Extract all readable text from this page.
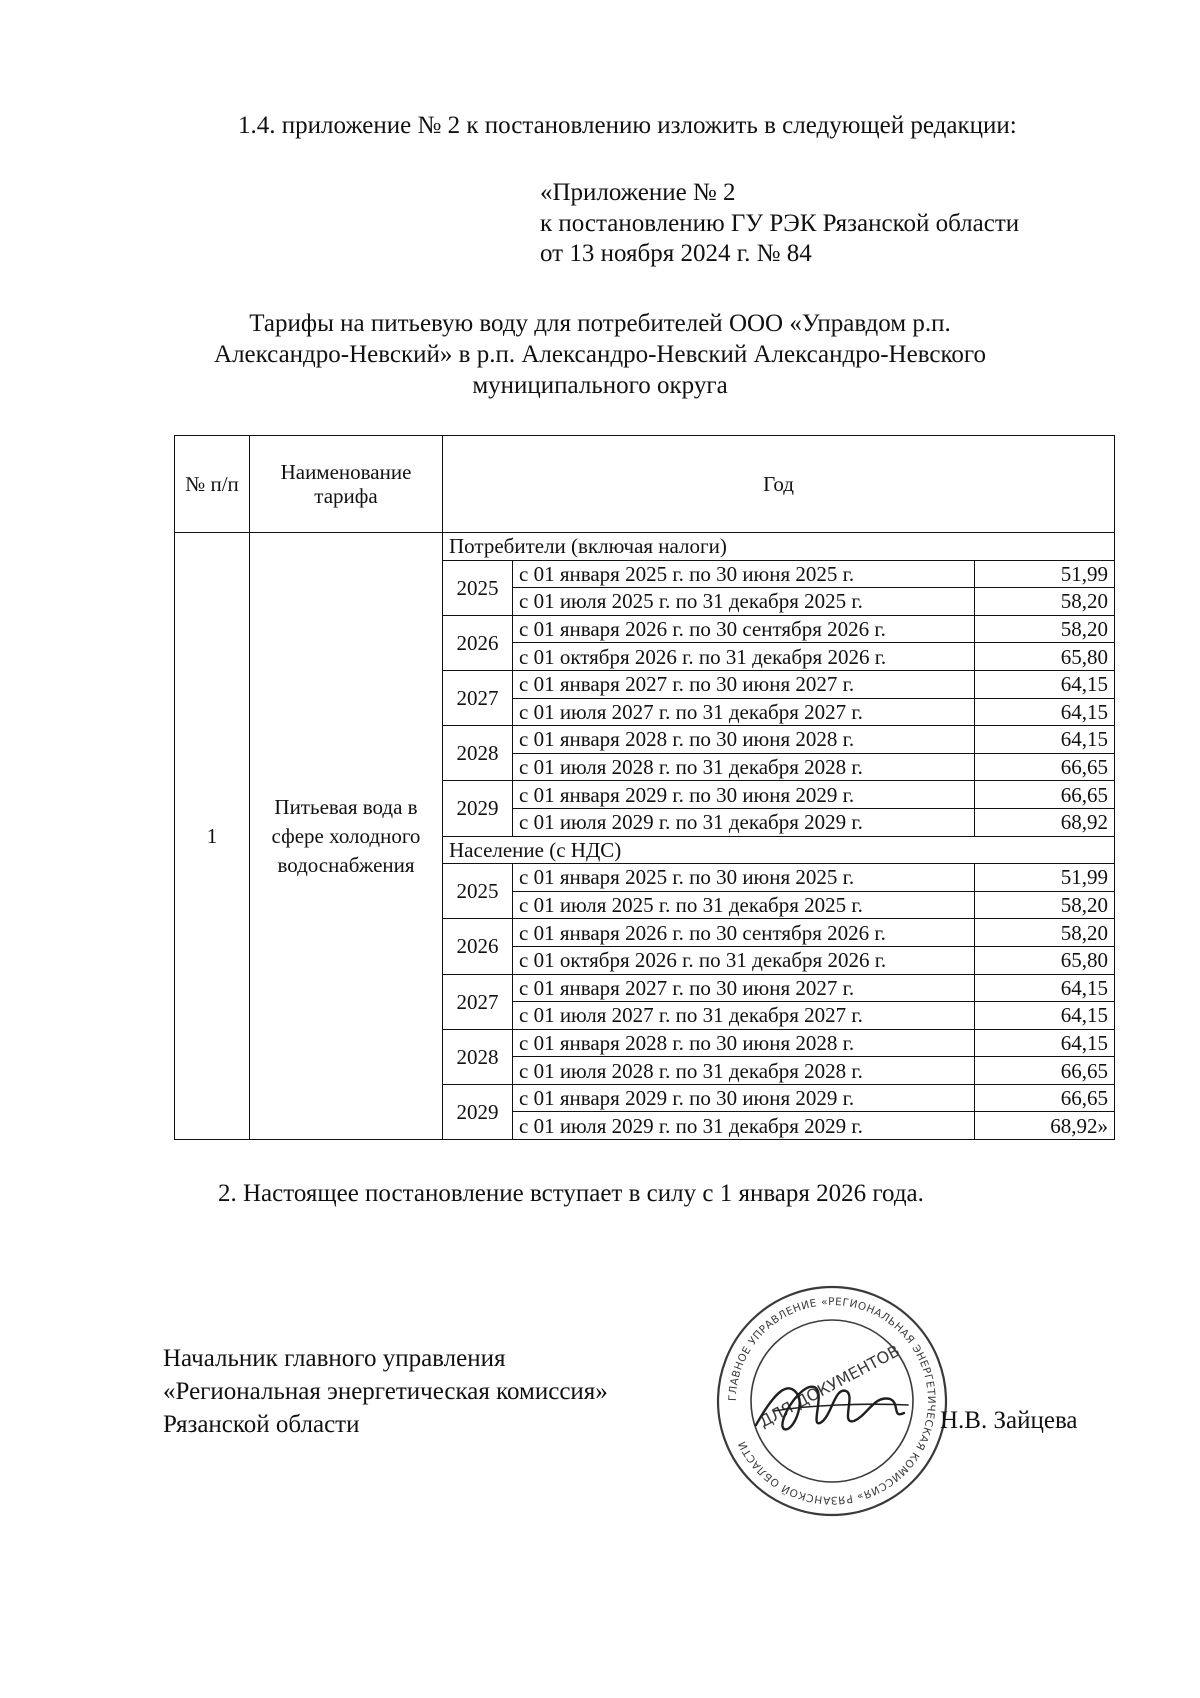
1.4. приложение № 2 к постановлению изложить в следующей редакции:

«Приложение № 2
к постановлению ГУ РЭК Рязанской области
от 13 ноября 2024 г. № 84
Тарифы на питьевую воду для потребителей ООО «Управдом р.п.
Александро-Невский» в р.п. Александро-Невский Александро-Невского
муниципального округа
№ п/п	Наименование тарифа	Год	
1	Питьевая вода в сфере холодного водоснабжения	Потребители (включая налоги)			
		2025	с 01 января 2025 г. по 30 июня 2025 г.	51,99	
			с 01 июля 2025 г. по 31 декабря 2025 г.	58,20	
		2026	с 01 января 2026 г. по 30 сентября 2026 г.	58,20	
			с 01 октября 2026 г. по 31 декабря 2026 г.	65,80	
		2027	с 01 января 2027 г. по 30 июня 2027 г.	64,15	
			с 01 июля 2027 г. по 31 декабря 2027 г.	64,15	
		2028	с 01 января 2028 г. по 30 июня 2028 г.	64,15	
			с 01 июля 2028 г. по 31 декабря 2028 г.	66,65	
		2029	с 01 января 2029 г. по 30 июня 2029 г.	66,65	
			с 01 июля 2029 г. по 31 декабря 2029 г.	68,92	
		Население (с НДС)			
		2025	с 01 января 2025 г. по 30 июня 2025 г.	51,99	
			с 01 июля 2025 г. по 31 декабря 2025 г.	58,20	
		2026	с 01 января 2026 г. по 30 сентября 2026 г.	58,20	
			с 01 октября 2026 г. по 31 декабря 2026 г.	65,80	
		2027	с 01 января 2027 г. по 30 июня 2027 г.	64,15	
			с 01 июля 2027 г. по 31 декабря 2027 г.	64,15	
		2028	с 01 января 2028 г. по 30 июня 2028 г.	64,15	
			с 01 июля 2028 г. по 31 декабря 2028 г.	66,65	
		2029	с 01 января 2029 г. по 30 июня 2029 г.	66,65	
			с 01 июля 2029 г. по 31 декабря 2029 г.	68,92»	

2. Настоящее постановление вступает в силу с 1 января 2026 года.

Начальник главного управления
«Региональная энергетическая комиссия»
Рязанской области
ГЛАВНОЕ УПРАВЛЕНИЕ «РЕГИОНАЛЬНАЯ ЭНЕРГЕТИЧЕСКАЯ КОМИССИЯ» РЯЗАНСКОЙ ОБЛАСТИ
ДЛЯ ДОКУМЕНТОВ Н.В. Зайцева
